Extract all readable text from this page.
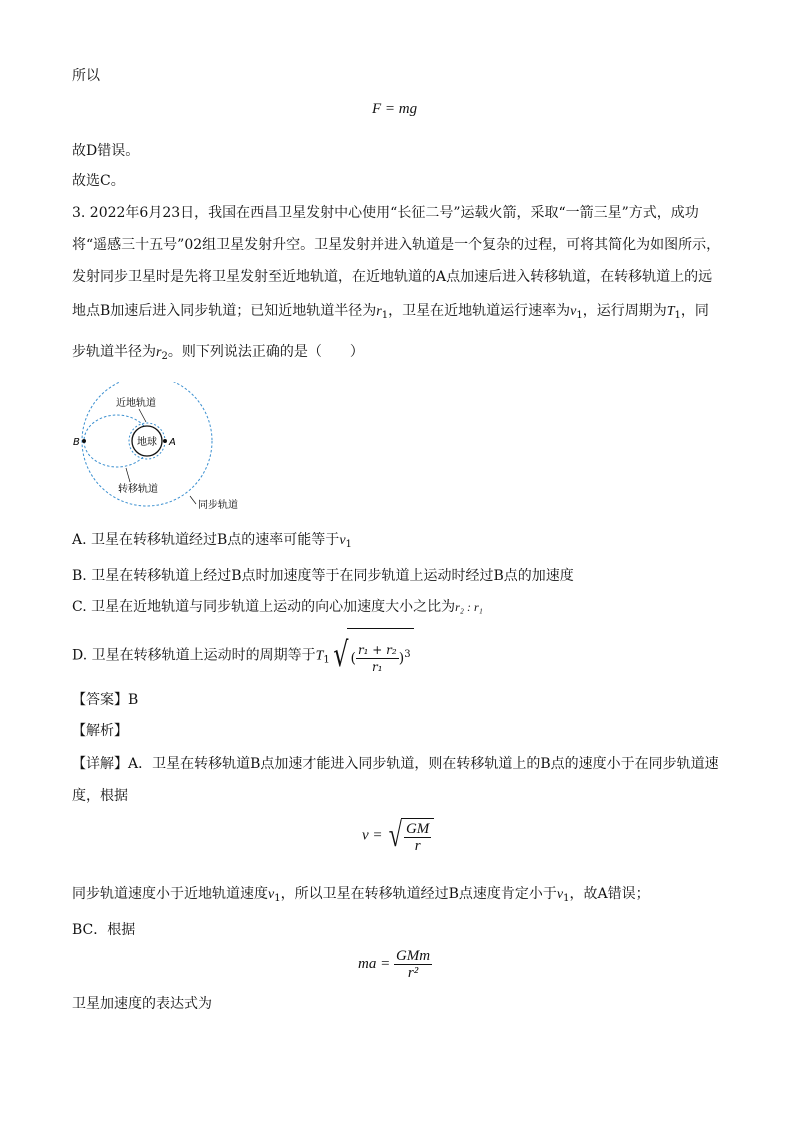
所以
F = mg
故D错误。
故选C。
3. 2022年6月23日，我国在西昌卫星发射中心使用“长征二号”运载火箭，采取“一箭三星”方式，成功
将“遥感三十五号”02组卫星发射升空。卫星发射并进入轨道是一个复杂的过程，可将其简化为如图所示，
发射同步卫星时是先将卫星发射至近地轨道，在近地轨道的A点加速后进入转移轨道，在转移轨道上的远
地点B加速后进入同步轨道；已知近地轨道半径为$r_1$，卫星在近地轨道运行速率为$v_1$，运行周期为$T_1$，同
步轨道半径为$r_2$。则下列说法正确的是（　　）
地球
B	A
近地轨道
转移轨道
同步轨道
A. 卫星在转移轨道经过B点的速率可能等于$v_1$
B. 卫星在转移轨道上经过B点时加速度等于在同步轨道上运动时经过B点的加速度
C. 卫星在近地轨道与同步轨道上运动的向心加速度大小之比为r₂ : r₁
D. 卫星在转移轨道上运动时的周期等于$T_1$ √ ( $\frac{\text{r₁ + r₂}}{\text{r₁}} )^3$
【答案】B
【解析】
【详解】A．卫星在转移轨道B点加速才能进入同步轨道，则在转移轨道上的B点的速度小于在同步轨道速
度，根据
v = √ $\frac{GM}{r}$
同步轨道速度小于近地轨道速度$v_1$，所以卫星在转移轨道经过B点速度肯定小于$v_1$，故A错误；
BC．根据
ma = $\frac{\text{GMm}}{\text{r²}}$
卫星加速度的表达式为
